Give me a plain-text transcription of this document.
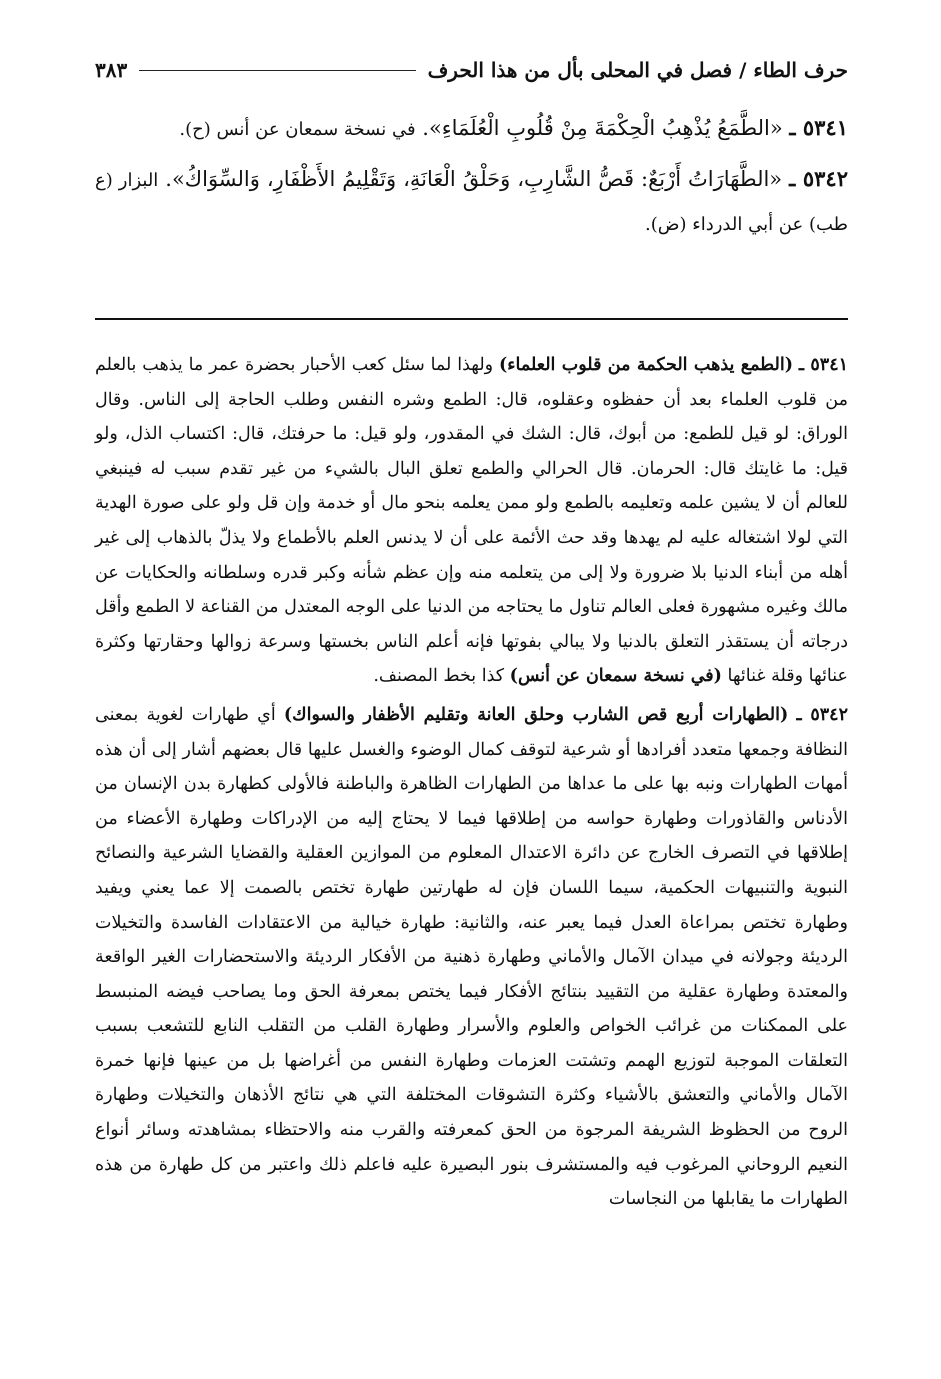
حرف الطاء / فصل في المحلى بأل من هذا الحرف
٣٨٣

٥٣٤١ ـ «الطَّمَعُ يُذْهِبُ الْحِكْمَةَ مِنْ قُلُوبِ الْعُلَمَاءِ». في نسخة سمعان عن أنس (ح).

٥٣٤٢ ـ «الطَّهَارَاتُ أَرْبَعٌ: قَصُّ الشَّارِبِ، وَحَلْقُ الْعَانَةِ، وَتَقْلِيمُ الأَظْفَارِ، وَالسِّوَاكُ». البزار (ع طب) عن أبي الدرداء (ض).

٥٣٤١ ـ (الطمع يذهب الحكمة من قلوب العلماء) ولهذا لما سئل كعب الأحبار بحضرة عمر ما يذهب بالعلم من قلوب العلماء بعد أن حفظوه وعقلوه، قال: الطمع وشره النفس وطلب الحاجة إلى الناس. وقال الوراق: لو قيل للطمع: من أبوك، قال: الشك في المقدور، ولو قيل: ما حرفتك، قال: اكتساب الذل، ولو قيل: ما غايتك قال: الحرمان. قال الحرالي والطمع تعلق البال بالشيء من غير تقدم سبب له فينبغي للعالم أن لا يشين علمه وتعليمه بالطمع ولو ممن يعلمه بنحو مال أو خدمة وإن قل ولو على صورة الهدية التي لولا اشتغاله عليه لم يهدها وقد حث الأئمة على أن لا يدنس العلم بالأطماع ولا يذلّ بالذهاب إلى غير أهله من أبناء الدنيا بلا ضرورة ولا إلى من يتعلمه منه وإن عظم شأنه وكبر قدره وسلطانه والحكايات عن مالك وغيره مشهورة فعلى العالم تناول ما يحتاجه من الدنيا على الوجه المعتدل من القناعة لا الطمع وأقل درجاته أن يستقذر التعلق بالدنيا ولا يبالي بفوتها فإنه أعلم الناس بخستها وسرعة زوالها وحقارتها وكثرة عنائها وقلة غنائها (في نسخة سمعان عن أنس) كذا بخط المصنف.

٥٣٤٢ ـ (الطهارات أربع قص الشارب وحلق العانة وتقليم الأظفار والسواك) أي طهارات لغوية بمعنى النظافة وجمعها متعدد أفرادها أو شرعية لتوقف كمال الوضوء والغسل عليها قال بعضهم أشار إلى أن هذه أمهات الطهارات ونبه بها على ما عداها من الطهارات الظاهرة والباطنة فالأولى كطهارة بدن الإنسان من الأدناس والقاذورات وطهارة حواسه من إطلاقها فيما لا يحتاج إليه من الإدراكات وطهارة الأعضاء من إطلاقها في التصرف الخارج عن دائرة الاعتدال المعلوم من الموازين العقلية والقضايا الشرعية والنصائح النبوية والتنبيهات الحكمية، سيما اللسان فإن له طهارتين طهارة تختص بالصمت إلا عما يعني ويفيد وطهارة تختص بمراعاة العدل فيما يعبر عنه، والثانية: طهارة خيالية من الاعتقادات الفاسدة والتخيلات الرديئة وجولانه في ميدان الآمال والأماني وطهارة ذهنية من الأفكار الرديئة والاستحضارات الغير الواقعة والمعتدة وطهارة عقلية من التقييد بنتائج الأفكار فيما يختص بمعرفة الحق وما يصاحب فيضه المنبسط على الممكنات من غرائب الخواص والعلوم والأسرار وطهارة القلب من التقلب النابع للتشعب بسبب التعلقات الموجبة لتوزيع الهمم وتشتت العزمات وطهارة النفس من أغراضها بل من عينها فإنها خمرة الآمال والأماني والتعشق بالأشياء وكثرة التشوقات المختلفة التي هي نتائج الأذهان والتخيلات وطهارة الروح من الحظوظ الشريفة المرجوة من الحق كمعرفته والقرب منه والاحتظاء بمشاهدته وسائر أنواع النعيم الروحاني المرغوب فيه والمستشرف بنور البصيرة عليه فاعلم ذلك واعتبر من كل طهارة من هذه الطهارات ما يقابلها من النجاسات
